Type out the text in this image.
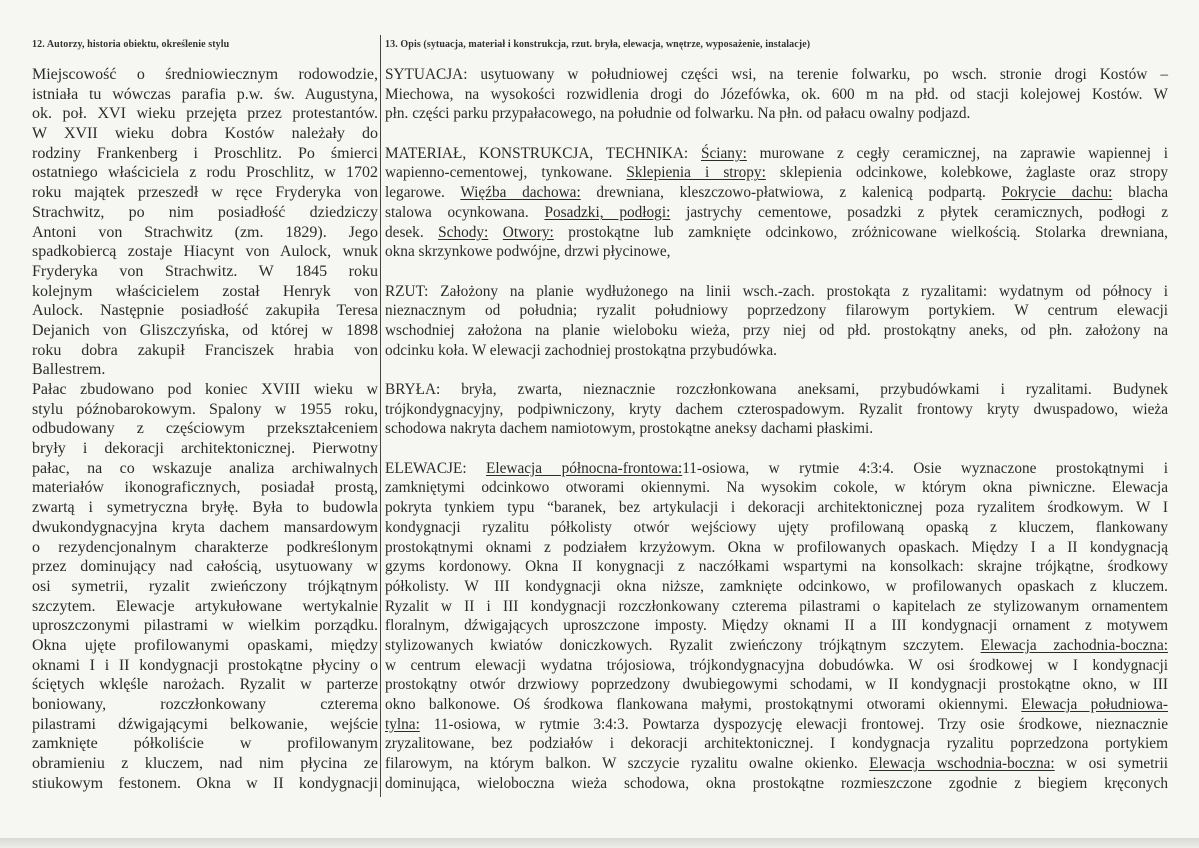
12. Autorzy, historia obiektu, określenie stylu	13. Opis (sytuacja, materiał i konstrukcja, rzut. bryła, elewacja, wnętrze, wyposażenie, instalacje)
Miejscowość o średniowiecznym rodowodzie,
istniała tu wówczas parafia p.w. św. Augustyna,
ok. poł. XVI wieku przejęta przez protestantów.
W XVII wieku dobra Kostów należały do
rodziny Frankenberg i Proschlitz. Po śmierci
ostatniego właściciela z rodu Proschlitz, w 1702
roku majątek przeszedł w ręce Fryderyka von
Strachwitz, po nim posiadłość dziedziczy
Antoni von Strachwitz (zm. 1829). Jego
spadkobiercą zostaje Hiacynt von Aulock, wnuk
Fryderyka von Strachwitz. W 1845 roku
kolejnym właścicielem został Henryk von
Aulock. Następnie posiadłość zakupiła Teresa
Dejanich von Gliszczyńska, od której w 1898
roku dobra zakupił Franciszek hrabia von
Ballestrem.
Pałac zbudowano pod koniec XVIII wieku w
stylu późnobarokowym. Spalony w 1955 roku,
odbudowany z częściowym przekształceniem
bryły i dekoracji architektonicznej. Pierwotny
pałac, na co wskazuje analiza archiwalnych
materiałów ikonograficznych, posiadał prostą,
zwartą i symetryczna bryłę. Była to budowla
dwukondygnacyjna kryta dachem mansardowym
o rezydencjonalnym charakterze podkreślonym
przez dominujący nad całością, usytuowany w
osi symetrii, ryzalit zwieńczony trójkątnym
szczytem. Elewacje artykułowane wertykalnie
uproszczonymi pilastrami w wielkim porządku.
Okna ujęte profilowanymi opaskami, między
oknami I i II kondygnacji prostokątne płyciny o
ściętych wklęśle narożach. Ryzalit w parterze
boniowany, rozczłonkowany czterema
pilastrami dźwigającymi belkowanie, wejście
zamknięte półkoliście w profilowanym
obramieniu z kluczem, nad nim płycina ze
stiukowym festonem. Okna w II kondygnacji
SYTUACJA: usytuowany w południowej części wsi, na terenie folwarku, po wsch. stronie drogi Kostów –
Miechowa, na wysokości rozwidlenia drogi do Józefówka, ok. 600 m na płd. od stacji kolejowej Kostów. W
płn. części parku przypałacowego, na południe od folwarku. Na płn. od pałacu owalny podjazd.
MATERIAŁ, KONSTRUKCJA, TECHNIKA: Ściany: murowane z cegły ceramicznej, na zaprawie wapiennej i
wapienno-cementowej, tynkowane. Sklepienia i stropy: sklepienia odcinkowe, kolebkowe, żaglaste oraz stropy
legarowe. Więźba dachowa: drewniana, kleszczowo-płatwiowa, z kalenicą podpartą. Pokrycie dachu: blacha
stalowa ocynkowana. Posadzki, podłogi: jastrychy cementowe, posadzki z płytek ceramicznych, podłogi z
desek. Schody: Otwory: prostokątne lub zamknięte odcinkowo, zróżnicowane wielkością. Stolarka drewniana,
okna skrzynkowe podwójne, drzwi płycinowe,
RZUT: Założony na planie wydłużonego na linii wsch.-zach. prostokąta z ryzalitami: wydatnym od północy i
nieznacznym od południa; ryzalit południowy poprzedzony filarowym portykiem. W centrum elewacji
wschodniej założona na planie wieloboku wieża, przy niej od płd. prostokątny aneks, od płn. założony na
odcinku koła. W elewacji zachodniej prostokątna przybudówka.
BRYŁA: bryła, zwarta, nieznacznie rozczłonkowana aneksami, przybudówkami i ryzalitami. Budynek
trójkondygnacyjny, podpiwniczony, kryty dachem czterospadowym. Ryzalit frontowy kryty dwuspadowo, wieża
schodowa nakryta dachem namiotowym, prostokątne aneksy dachami płaskimi.
ELEWACJE: Elewacja północna-frontowa:11-osiowa, w rytmie 4:3:4. Osie wyznaczone prostokątnymi i
zamkniętymi odcinkowo otworami okiennymi. Na wysokim cokole, w którym okna piwniczne. Elewacja
pokryta tynkiem typu “baranek, bez artykulacji i dekoracji architektonicznej poza ryzalitem środkowym. W I
kondygnacji ryzalitu półkolisty otwór wejściowy ujęty profilowaną opaską z kluczem, flankowany
prostokątnymi oknami z podziałem krzyżowym. Okna w profilowanych opaskach. Między I a II kondygnacją
gzyms kordonowy. Okna II konygnacji z naczółkami wspartymi na konsolkach: skrajne trójkątne, środkowy
półkolisty. W III kondygnacji okna niższe, zamknięte odcinkowo, w profilowanych opaskach z kluczem.
Ryzalit w II i III kondygnacji rozczłonkowany czterema pilastrami o kapitelach ze stylizowanym ornamentem
floralnym, dźwigających uproszczone imposty. Między oknami II a III kondygnacji ornament z motywem
stylizowanych kwiatów doniczkowych. Ryzalit zwieńczony trójkątnym szczytem. Elewacja zachodnia-boczna:
w centrum elewacji wydatna trójosiowa, trójkondygnacyjna dobudówka. W osi środkowej w I kondygnacji
prostokątny otwór drzwiowy poprzedzony dwubiegowymi schodami, w II kondygnacji prostokątne okno, w III
okno balkonowe. Oś środkowa flankowana małymi, prostokątnymi otworami okiennymi. Elewacja południowa-
tylna: 11-osiowa, w rytmie 3:4:3. Powtarza dyspozycję elewacji frontowej. Trzy osie środkowe, nieznacznie
zryzalitowane, bez podziałów i dekoracji architektonicznej. I kondygnacja ryzalitu poprzedzona portykiem
filarowym, na którym balkon. W szczycie ryzalitu owalne okienko. Elewacja wschodnia-boczna: w osi symetrii
dominująca, wieloboczna wieża schodowa, okna prostokątne rozmieszczone zgodnie z biegiem kręconych
